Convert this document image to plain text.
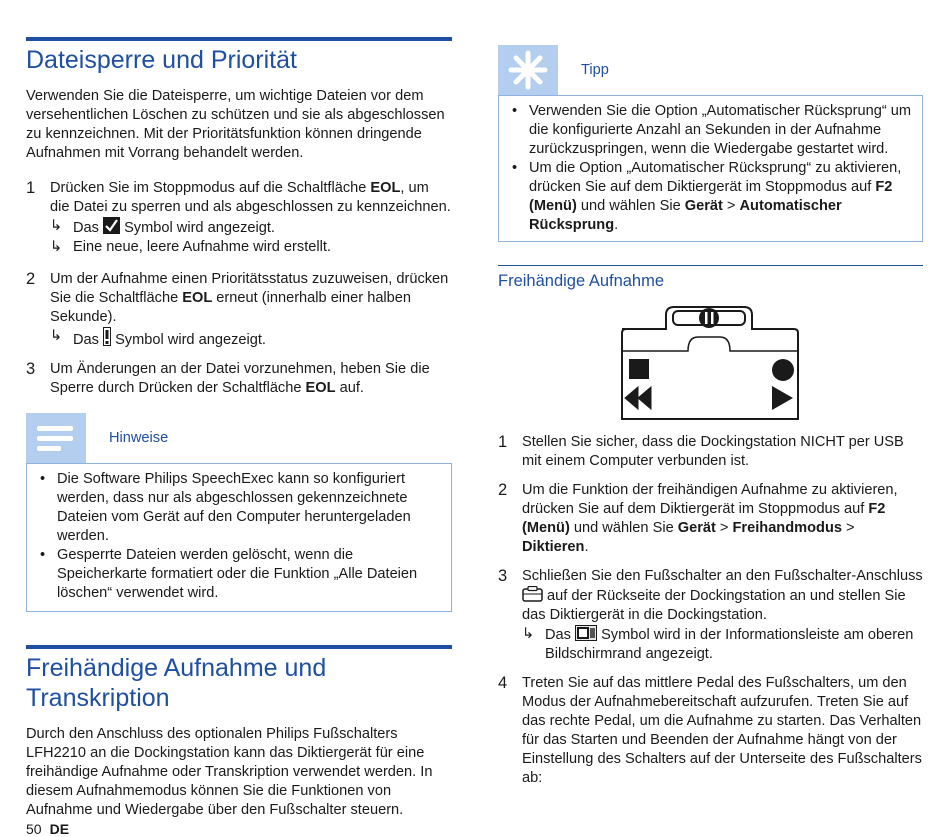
Dateisperre und Priorität

Verwenden Sie die Dateisperre, um wichtige Dateien vor dem versehentlichen Löschen zu schützen und sie als abgeschlossen zu kennzeichnen. Mit der Prioritätsfunktion können dringende Aufnahmen mit Vorrang behandelt werden.

1 Drücken Sie im Stoppmodus auf die Schaltfläche EOL, um die Datei zu sperren und als abgeschlossen zu kennzeichnen.
↳ Das  Symbol wird angezeigt.
↳ Eine neue, leere Aufnahme wird erstellt.
2 Um der Aufnahme einen Prioritätsstatus zuzuweisen, drücken Sie die Schaltfläche EOL erneut (innerhalb einer halben Sekunde).
↳ Das  Symbol wird angezeigt.
3 Um Änderungen an der Datei vorzunehmen, heben Sie die Sperre durch Drücken der Schaltfläche EOL auf.
Hinweise
• Die Software Philips SpeechExec kann so konfiguriert werden, dass nur als abgeschlossen gekennzeichnete Dateien vom Gerät auf den Computer heruntergeladen werden.
• Gesperrte Dateien werden gelöscht, wenn die Speicherkarte formatiert oder die Funktion „Alle Dateien löschen“ verwendet wird.
Freihändige Aufnahme und Transkription

Durch den Anschluss des optionalen Philips Fußschalters LFH2210 an die Dockingstation kann das Diktiergerät für eine freihändige Aufnahme oder Transkription verwendet werden. In diesem Aufnahmemodus können Sie die Funktionen von Aufnahme und Wiedergabe über den Fußschalter steuern.

Tipp
• Verwenden Sie die Option „Automatischer Rücksprung“ um die konfigurierte Anzahl an Sekunden in der Aufnahme zurückzuspringen, wenn die Wiedergabe gestartet wird.
• Um die Option „Automatischer Rücksprung“ zu aktivieren, drücken Sie auf dem Diktiergerät im Stoppmodus auf F2 (Menü) und wählen Sie Gerät > Automatischer Rücksprung.
Freihändige Aufnahme
1 Stellen Sie sicher, dass die Dockingstation NICHT per USB mit einem Computer verbunden ist.
2 Um die Funktion der freihändigen Aufnahme zu aktivieren, drücken Sie auf dem Diktiergerät im Stoppmodus auf F2 (Menü) und wählen Sie Gerät > Freihandmodus > Diktieren.
3 Schließen Sie den Fußschalter an den Fußschalter-Anschluss  auf der Rückseite der Dockingstation an und stellen Sie das Diktiergerät in die Dockingstation.
↳ Das  Symbol wird in der Informationsleiste am oberen Bildschirmrand angezeigt.
4 Treten Sie auf das mittlere Pedal des Fußschalters, um den Modus der Aufnahmebereitschaft aufzurufen. Treten Sie auf das rechte Pedal, um die Aufnahme zu starten. Das Verhalten für das Starten und Beenden der Aufnahme hängt von der Einstellung des Schalters auf der Unterseite des Fußschalters ab:
50 DE
